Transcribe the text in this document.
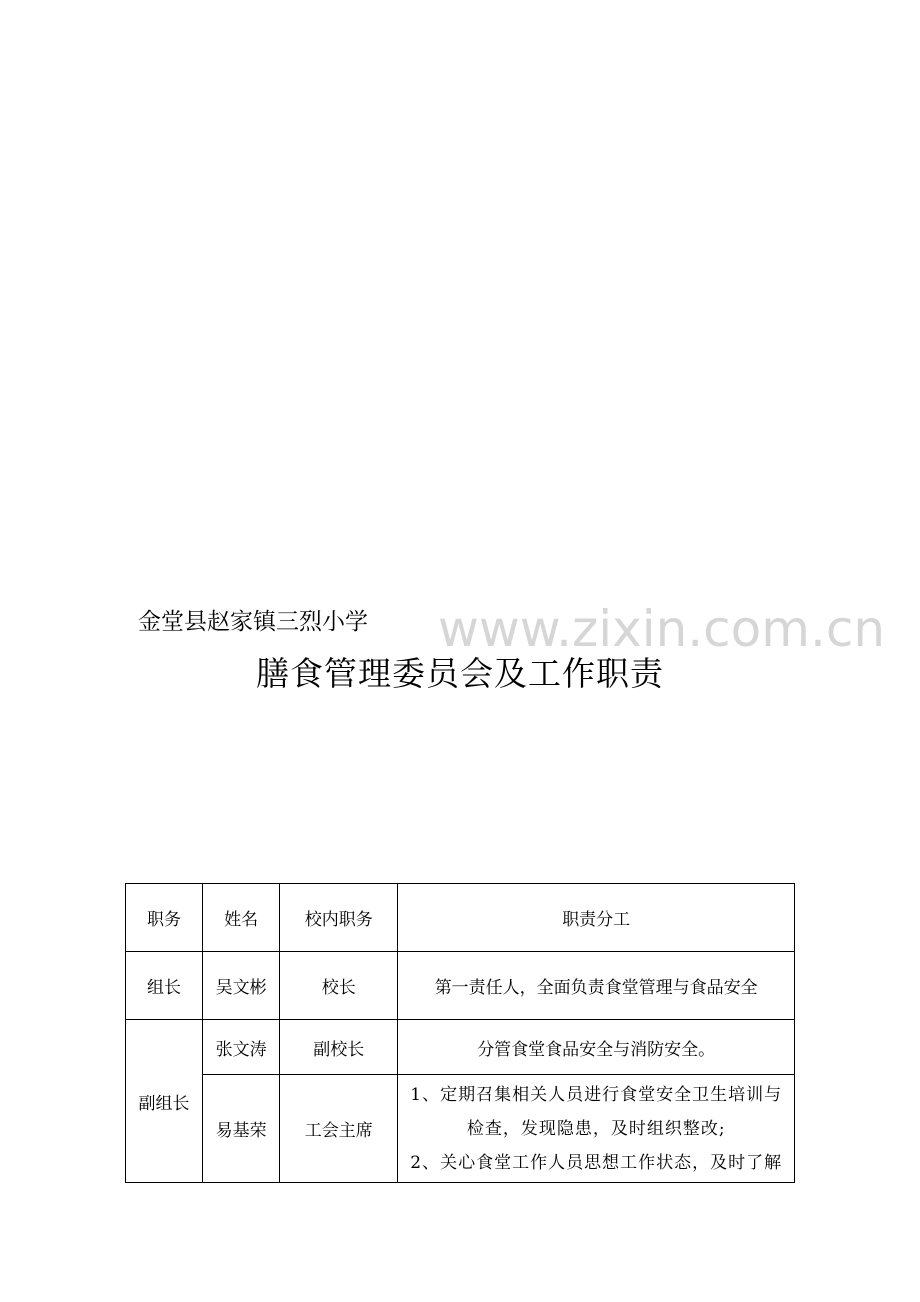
www.zixin.com.cn
金堂县赵家镇三烈小学
膳食管理委员会及工作职责
职务	姓名	校内职务	职责分工
组长	吴文彬	校长	第一责任人，全面负责食堂管理与食品安全
副组长	张文涛	副校长	分管食堂食品安全与消防安全。
	易基荣	工会主席	1、定期召集相关人员进行食堂安全卫生培训与
检查，发现隐患，及时组织整改;
2、关心食堂工作人员思想工作状态，及时了解
